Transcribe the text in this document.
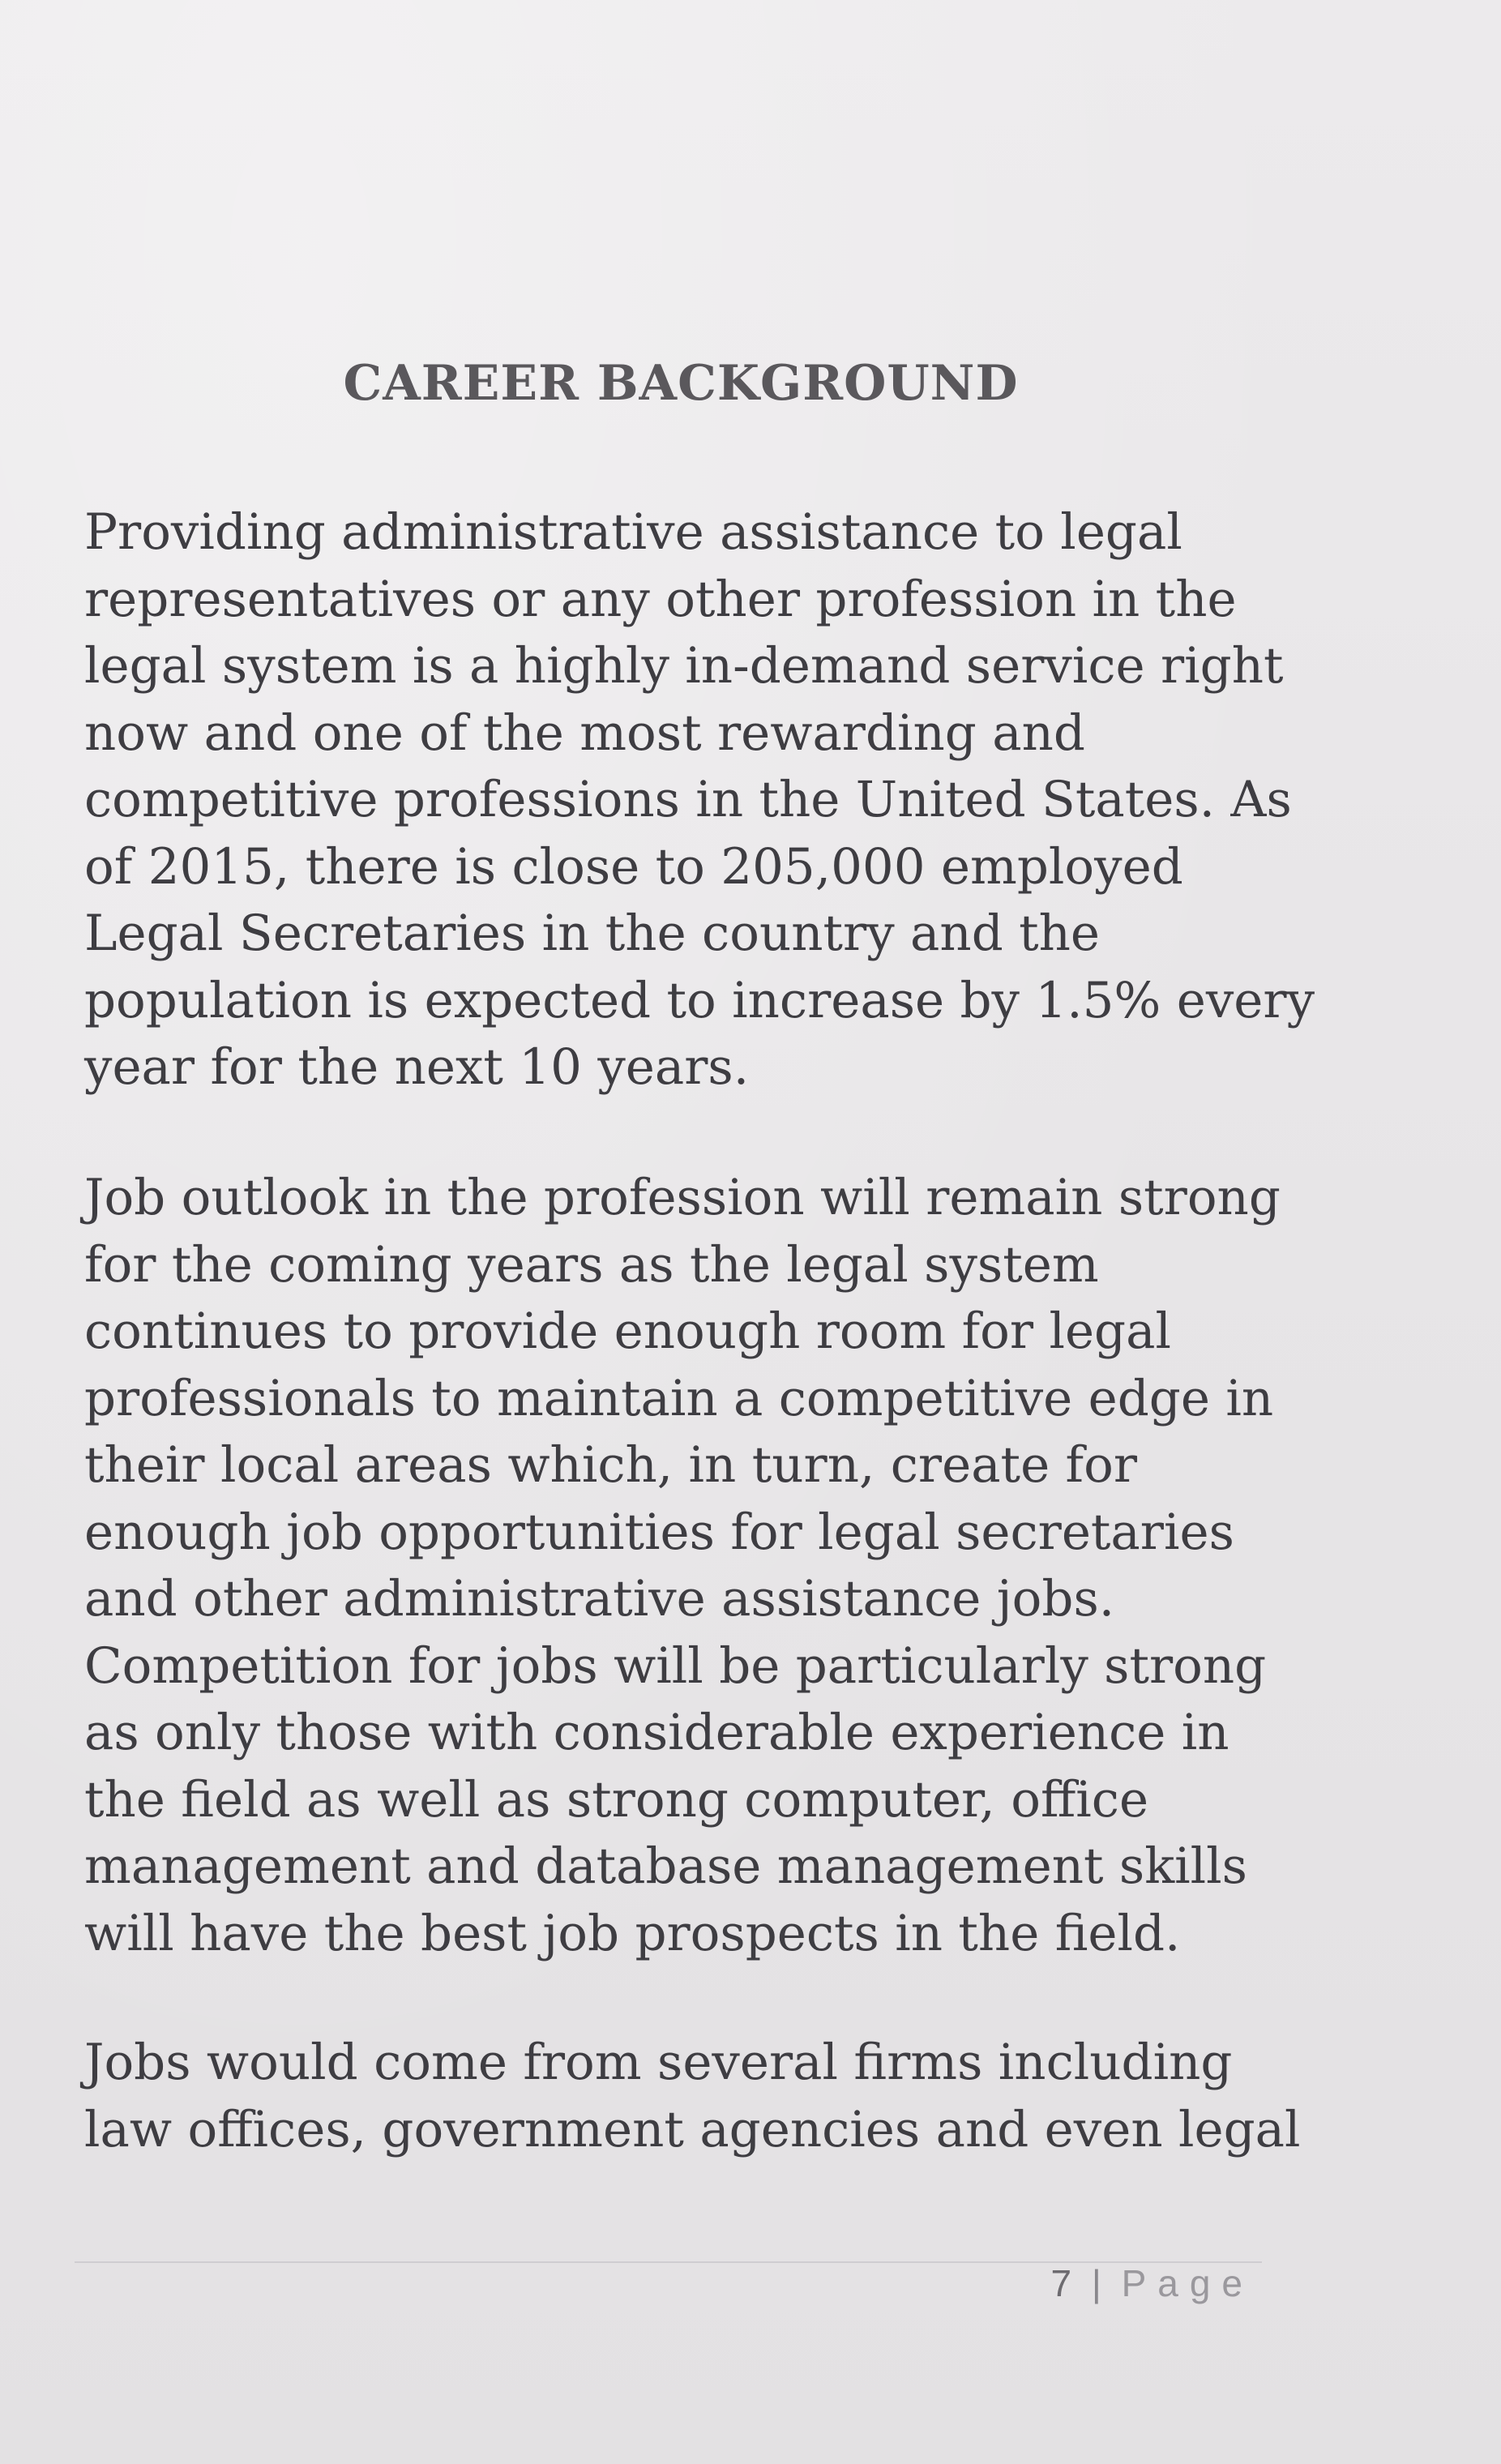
CAREER BACKGROUND

Providing administrative assistance to legal representatives or any other profession in the legal system is a highly in-demand service right now and one of the most rewarding and competitive professions in the United States. As of 2015, there is close to 205,000 employed Legal Secretaries in the country and the population is expected to increase by 1.5% every year for the next 10 years.

Job outlook in the profession will remain strong for the coming years as the legal system continues to provide enough room for legal professionals to maintain a competitive edge in their local areas which, in turn, create for enough job opportunities for legal secretaries and other administrative assistance jobs. Competition for jobs will be particularly strong as only those with considerable experience in the field as well as strong computer, office management and database management skills will have the best job prospects in the field.

Jobs would come from several firms including law offices, government agencies and even legal

7 | Page
